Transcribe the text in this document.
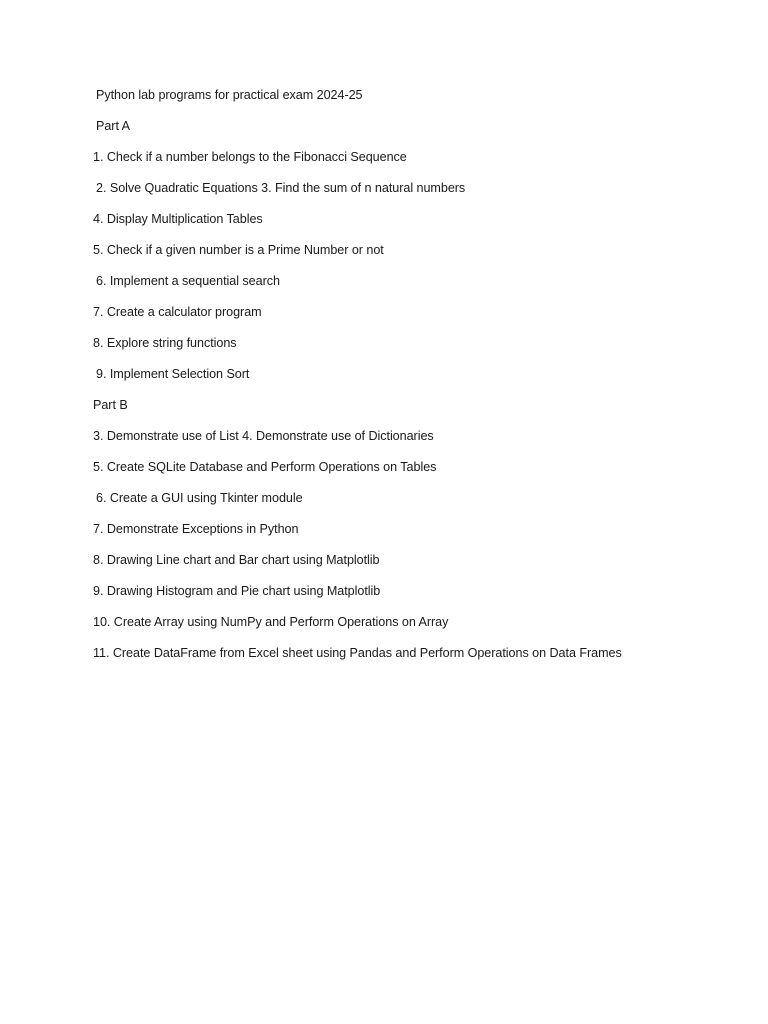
Python lab programs for practical exam 2024-25
Part A
1. Check if a number belongs to the Fibonacci Sequence
2. Solve Quadratic Equations 3. Find the sum of n natural numbers
4. Display Multiplication Tables
5. Check if a given number is a Prime Number or not
6. Implement a sequential search
7. Create a calculator program
8. Explore string functions
9. Implement Selection Sort
Part B
3. Demonstrate use of List 4. Demonstrate use of Dictionaries
5. Create SQLite Database and Perform Operations on Tables
6. Create a GUI using Tkinter module
7. Demonstrate Exceptions in Python
8. Drawing Line chart and Bar chart using Matplotlib
9. Drawing Histogram and Pie chart using Matplotlib
10. Create Array using NumPy and Perform Operations on Array
11. Create DataFrame from Excel sheet using Pandas and Perform Operations on Data Frames
